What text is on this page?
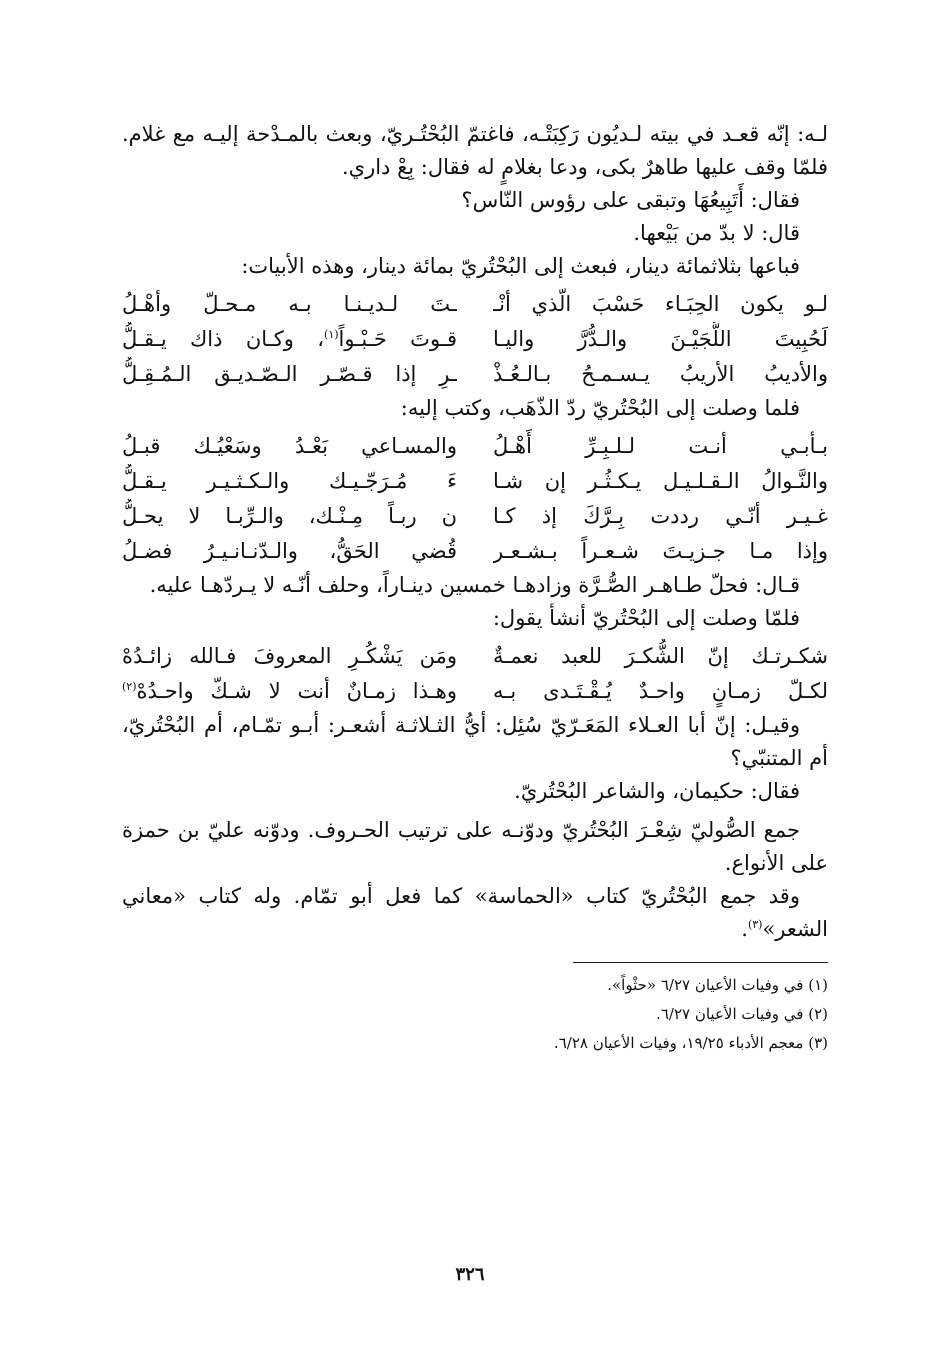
لـه: إنّه قعـد في بيته لـديُون رَكِبَتْـه، فاغتمّ البُحْتُـريّ، وبعث بالمـدْحة إليـه مع غلام. فلمّا وقف عليها طاهرٌ بكى، ودعا بغلامٍ له فقال: بِعْ داري.

فقال: أَتَبِيعُهَا وتبقى على رؤوس النّاس؟

قال: لا بدّ من بَيْعها.

فباعها بثلاثمائة دينار، فبعث إلى البُحْتُريّ بمائة دينار، وهذه الأبيات:

لـو يكون الحِبَـاء حَسْبَ الّذي أنْـ
ـتَ لـديـنـا بـه مـحـلّ وأهْـلُ
لَحُبِيتَ اللُّجَيْـنَ والـدُّرَّ واليـا
قـوتَ حَـبْـواً$^{(١)}$، وكـان ذاك يـقـلُّ
والأديبُ الأريبُ يـسـمـحُ بـالـعُـذْ
ـرِ إذا قـصّـر الـصّـديـق الـمُـقِـلُّ

فلما وصلت إلى البُحْتُريّ ردّ الذّهَب، وكتب إليه:

بـأبـي أنـت لـلـبِـرِّ أَهْـلُ
والمسـاعي بَعْـدُ وسَعْيُـك قبـلُ
والنَّـوالُ الـقـلـيـل يـكـثُـر إن شـا
ءَ مُـرَجّـيـك والـكـثـيـر يـقـلُّ
غـيـر أنّـي رددت بِـرَّكَ إذ كـا
ن ربـاً مِـنْـك، والـرِّبـا لا يحـلُّ
وإذا مـا جـزيـتَ شـعـراً بـشـعـر
قُضي الحَقُّ، والـدّنـانـيـرُ فضـلُ

قـال: فحلّ طـاهـر الصُّـرَّة وزادهـا خمسين دينـاراً، وحلف أنّـه لا يـردّهـا عليه.

فلمّا وصلت إلى البُحْتُريّ أنشأ يقول:

شكـرتـك إنّ الشُّكـرَ للعبد نعمـةٌ
ومَن يَشْكُـرِ المعروفَ فـالله زائـدُهْ
لكـلّ زمـانٍ واحـدٌ يُـقْـتَـدى بـه
وهـذا زمـانٌ أنت لا شـكّ واحـدُهْ$^{(٢)}$

وقيـل: إنّ أبا العـلاء المَعَـرّيّ سُئِل: أيُّ الثـلاثـة أشعـر: أبـو تمّـام، أم البُحْتُريّ، أم المتنبّي؟

فقال: حكيمان، والشاعر البُحْتُريّ.

جمع الصُّوليّ شِعْـرَ البُحْتُريّ ودوّنـه على ترتيب الحـروف. ودوّنه عليّ بن حمزة على الأنواع.

وقد جمع البُحْتُريّ كتاب «الحماسة» كما فعل أبو تمّام. وله كتاب «معاني الشعر»$^{(٣)}$.

(١) في وفيات الأعيان ٦/٢٧ «حثْواً».

(٢) في وفيات الأعيان ٦/٢٧.

(٣) معجم الأدباء ١٩/٢٥، وفيات الأعيان ٦/٢٨.

٣٢٦
